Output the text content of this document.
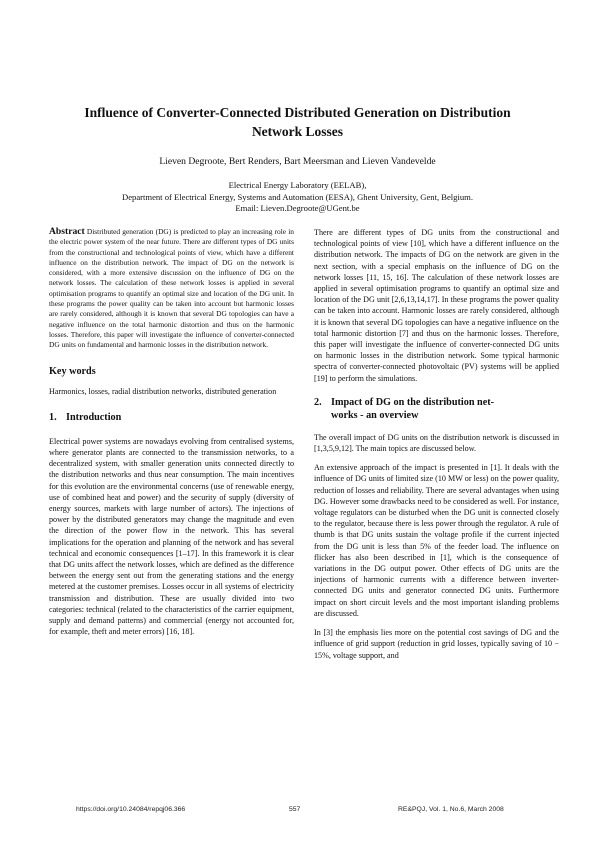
Influence of Converter-Connected Distributed Generation on Distribution
Network Losses
Lieven Degroote, Bert Renders, Bart Meersman and Lieven Vandevelde
Electrical Energy Laboratory (EELAB),
Department of Electrical Energy, Systems and Automation (EESA), Ghent University, Gent, Belgium.
Email: Lieven.Degroote@UGent.be

Abstract Distributed generation (DG) is predicted to play an increasing role in the electric power system of the near future. There are different types of DG units from the constructional and technological points of view, which have a different influence on the distribution network. The impact of DG on the network is considered, with a more extensive discussion on the influence of DG on the network losses. The calculation of these network losses is applied in several optimisation programs to quantify an optimal size and location of the DG unit. In these programs the power quality can be taken into account but harmonic losses are rarely considered, although it is known that several DG topologies can have a negative influence on the total harmonic distortion and thus on the harmonic losses. Therefore, this paper will investigate the influence of converter-connected DG units on fundamental and harmonic losses in the distribution network.

Key words

Harmonics, losses, radial distribution networks, distributed generation

1. Introduction

Electrical power systems are nowadays evolving from centralised systems, where generator plants are connected to the transmission networks, to a decentralized system, with smaller generation units connected directly to the distribution networks and thus near consumption. The main incentives for this evolution are the environmental concerns (use of renewable energy, use of combined heat and power) and the security of supply (diversity of energy sources, markets with large number of actors). The injections of power by the distributed generators may change the magnitude and even the direction of the power flow in the network. This has several implications for the operation and planning of the network and has several technical and economic consequences [1–17]. In this framework it is clear that DG units affect the network losses, which are defined as the difference between the energy sent out from the generating stations and the energy metered at the customer premises. Losses occur in all systems of electricity transmission and distribution. These are usually divided into two categories: technical (related to the characteristics of the carrier equipment, supply and demand patterns) and commercial (energy not accounted for, for example, theft and meter errors) [16, 18].

There are different types of DG units from the constructional and technological points of view [10], which have a different influence on the distribution network. The impacts of DG on the network are given in the next section, with a special emphasis on the influence of DG on the network losses [11, 15, 16]. The calculation of these network losses are applied in several optimisation programs to quantify an optimal size and location of the DG unit [2,6,13,14,17]. In these programs the power quality can be taken into account. Harmonic losses are rarely considered, although it is known that several DG topologies can have a negative influence on the total harmonic distortion [7] and thus on the harmonic losses. Therefore, this paper will investigate the influence of converter-connected DG units on harmonic losses in the distribution network. Some typical harmonic spectra of converter-connected photovoltaic (PV) systems will be applied [19] to perform the simulations.

2. Impact of DG on the distribution net-
works - an overview

The overall impact of DG units on the distribution network is discussed in [1,3,5,9,12]. The main topics are discussed below.

An extensive approach of the impact is presented in [1]. It deals with the influence of DG units of limited size (10 MW or less) on the power quality, reduction of losses and reliability. There are several advantages when using DG. However some drawbacks need to be considered as well. For instance, voltage regulators can be disturbed when the DG unit is connected closely to the regulator, because there is less power through the regulator. A rule of thumb is that DG units sustain the voltage profile if the current injected from the DG unit is less than 5% of the feeder load. The influence on flicker has also been described in [1], which is the consequence of variations in the DG output power. Other effects of DG units are the injections of harmonic currents with a difference between inverter-connected DG units and generator connected DG units. Furthermore impact on short circuit levels and the most important islanding problems are discussed.

In [3] the emphasis lies more on the potential cost savings of DG and the influence of grid support (reduction in grid losses, typically saving of 10 − 15%, voltage support, and

https://doi.org/10.24084/repqj06.366	557	RE&PQJ, Vol. 1, No.6, March 2008
